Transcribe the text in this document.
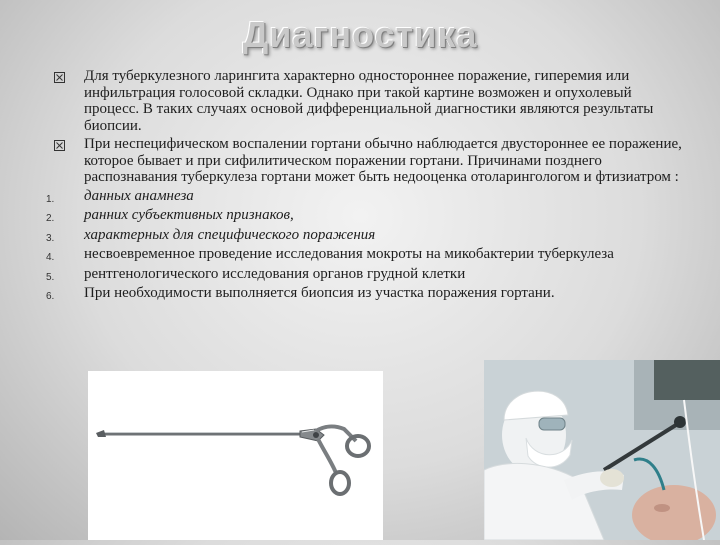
Диагностика
Для туберкулезного ларингита характерно одностороннее поражение, гиперемия или инфильтрация голосовой складки. Однако при такой картине возможен и опухолевый процесс. В таких случаях основой дифференциальной диагностики являются результаты биопсии.
При неспецифическом воспалении гортани обычно наблюдается двустороннее ее поражение, которое бывает и при сифилитическом поражении гортани. Причинами позднего распознавания туберкулеза гортани может быть недооценка отоларингологом и фтизиатром :
1. данных анамнеза
2. ранних субъективных признаков,
3. характерных для специфического поражения
4. несвоевременное проведение исследования мокроты на микобактерии туберкулеза
5. рентгенологического исследования органов грудной клетки
6. При необходимости выполняется биопсия из участка поражения гортани.
